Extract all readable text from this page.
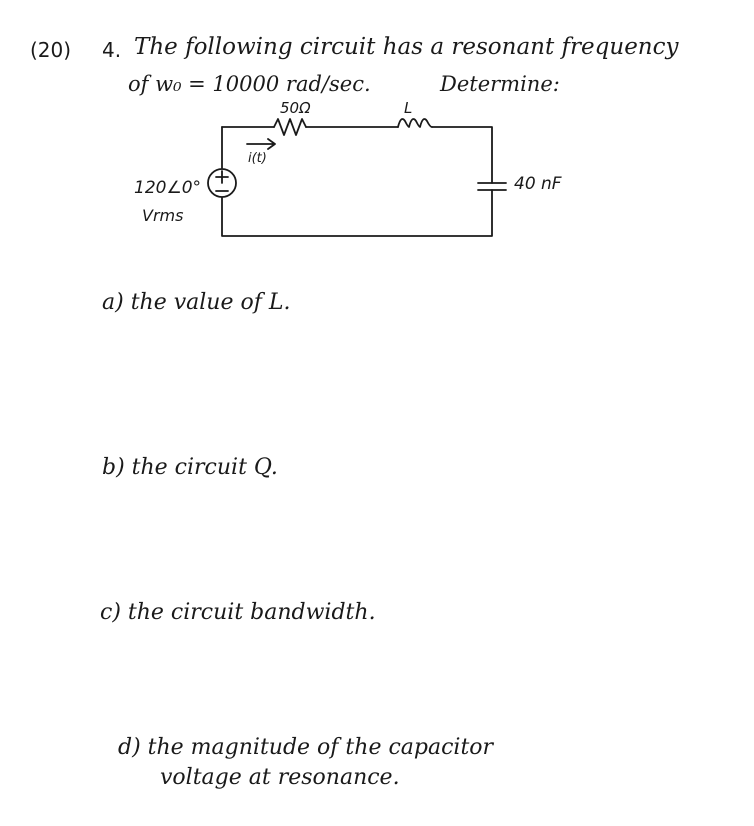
(20) 4. The following circuit has a resonant frequency
of w₀ = 10000 rad/sec.	Determine:
50Ω	L
i(t)
120∠0°
Vrms
40 nF
a) the value of L.
b) the circuit Q.
c) the circuit bandwidth.
d) the magnitude of the capacitor
voltage at resonance.
